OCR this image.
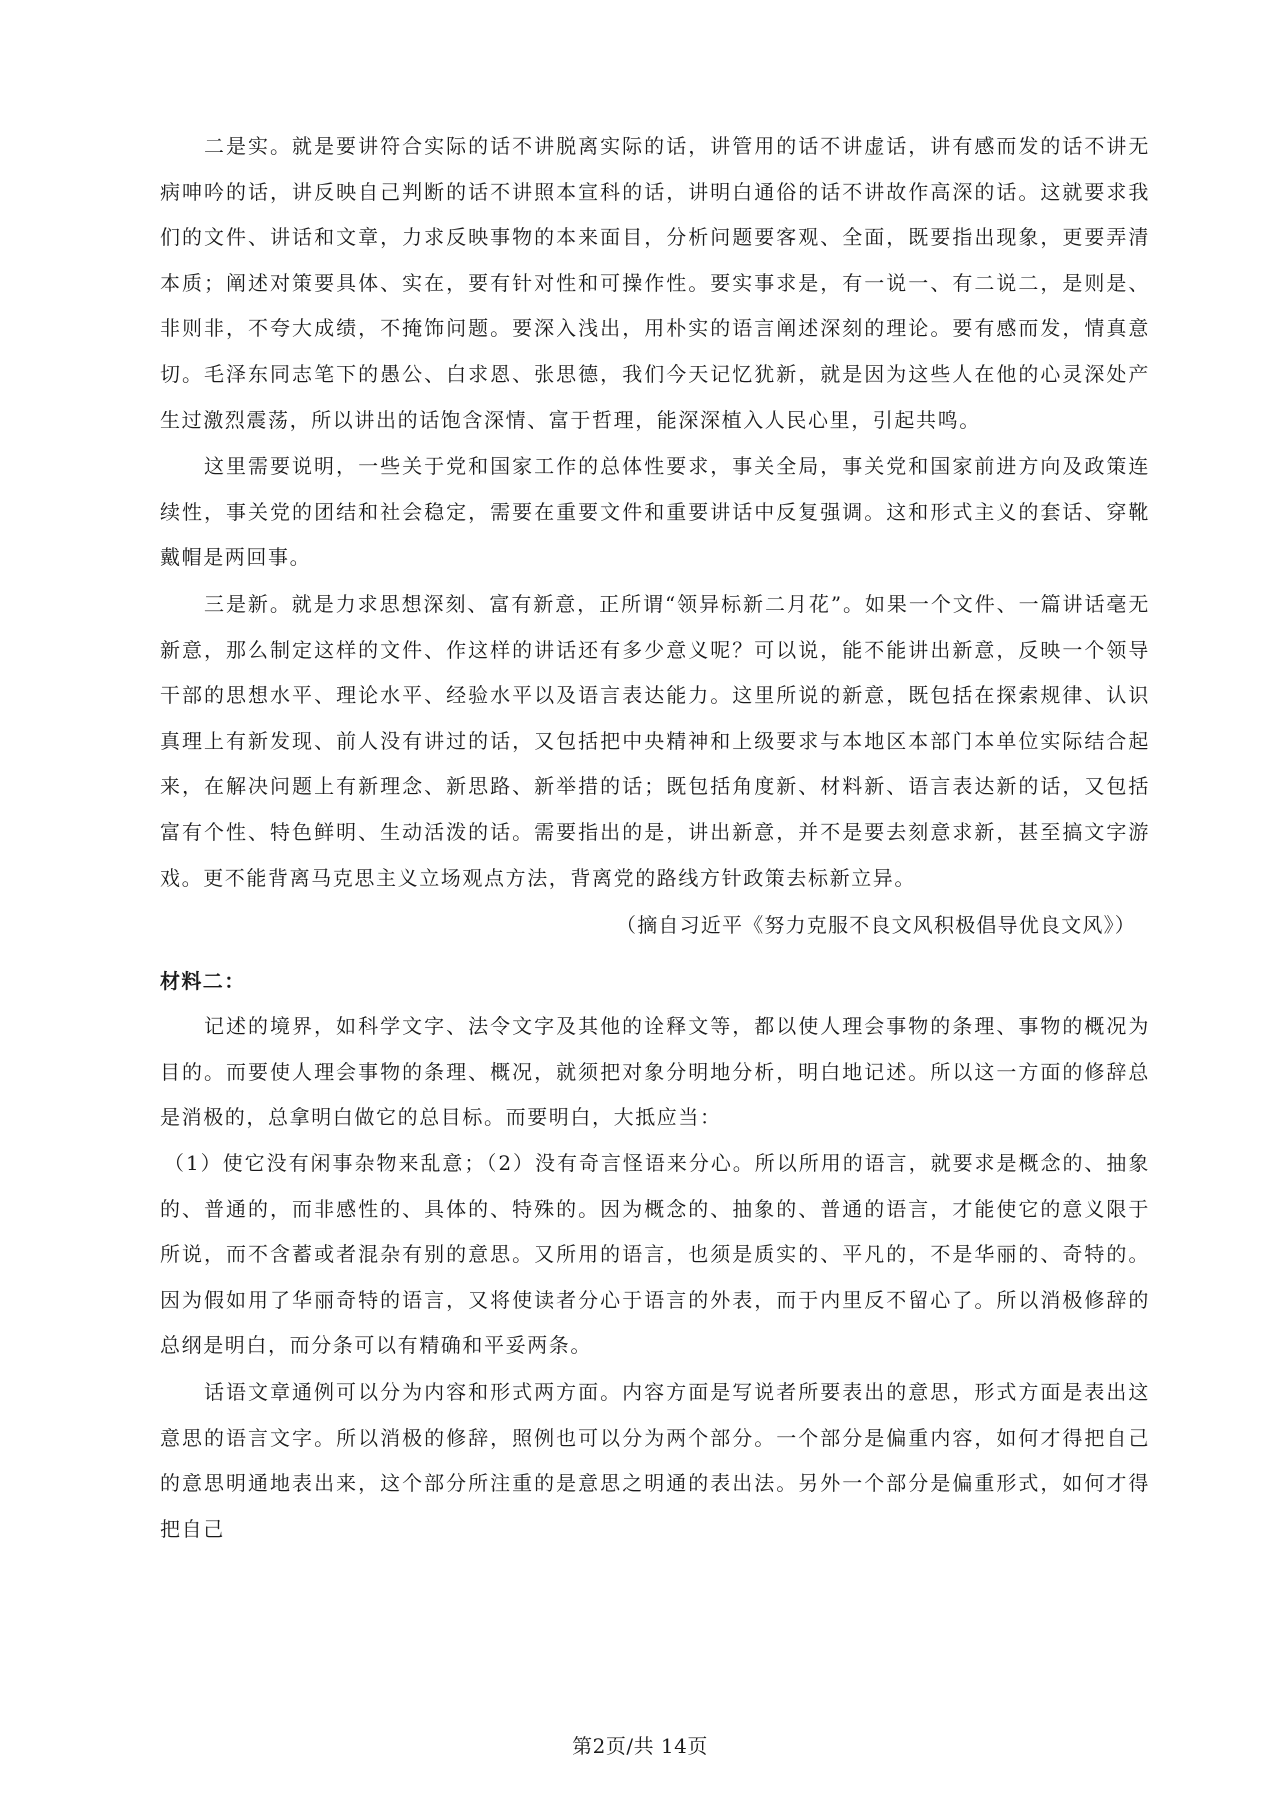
二是实。就是要讲符合实际的话不讲脱离实际的话，讲管用的话不讲虚话，讲有感而发的话不讲无病呻吟的话，讲反映自己判断的话不讲照本宣科的话，讲明白通俗的话不讲故作高深的话。这就要求我们的文件、讲话和文章，力求反映事物的本来面目，分析问题要客观、全面，既要指出现象，更要弄清本质；阐述对策要具体、实在，要有针对性和可操作性。要实事求是，有一说一、有二说二，是则是、非则非，不夸大成绩，不掩饰问题。要深入浅出，用朴实的语言阐述深刻的理论。要有感而发，情真意切。毛泽东同志笔下的愚公、白求恩、张思德，我们今天记忆犹新，就是因为这些人在他的心灵深处产生过激烈震荡，所以讲出的话饱含深情、富于哲理，能深深植入人民心里，引起共鸣。

这里需要说明，一些关于党和国家工作的总体性要求，事关全局，事关党和国家前进方向及政策连续性，事关党的团结和社会稳定，需要在重要文件和重要讲话中反复强调。这和形式主义的套话、穿靴戴帽是两回事。

三是新。就是力求思想深刻、富有新意，正所谓“领异标新二月花”。如果一个文件、一篇讲话毫无新意，那么制定这样的文件、作这样的讲话还有多少意义呢？可以说，能不能讲出新意，反映一个领导干部的思想水平、理论水平、经验水平以及语言表达能力。这里所说的新意，既包括在探索规律、认识真理上有新发现、前人没有讲过的话，又包括把中央精神和上级要求与本地区本部门本单位实际结合起来，在解决问题上有新理念、新思路、新举措的话；既包括角度新、材料新、语言表达新的话，又包括富有个性、特色鲜明、生动活泼的话。需要指出的是，讲出新意，并不是要去刻意求新，甚至搞文字游戏。更不能背离马克思主义立场观点方法，背离党的路线方针政策去标新立异。

（摘自习近平《努力克服不良文风积极倡导优良文风》）

材料二：

记述的境界，如科学文字、法令文字及其他的诠释文等，都以使人理会事物的条理、事物的概况为目的。而要使人理会事物的条理、概况，就须把对象分明地分析，明白地记述。所以这一方面的修辞总是消极的，总拿明白做它的总目标。而要明白，大抵应当：

（1）使它没有闲事杂物来乱意；（2）没有奇言怪语来分心。所以所用的语言，就要求是概念的、抽象的、普通的，而非感性的、具体的、特殊的。因为概念的、抽象的、普通的语言，才能使它的意义限于所说，而不含蓄或者混杂有别的意思。又所用的语言，也须是质实的、平凡的，不是华丽的、奇特的。因为假如用了华丽奇特的语言，又将使读者分心于语言的外表，而于内里反不留心了。所以消极修辞的总纲是明白，而分条可以有精确和平妥两条。

话语文章通例可以分为内容和形式两方面。内容方面是写说者所要表出的意思，形式方面是表出这意思的语言文字。所以消极的修辞，照例也可以分为两个部分。一个部分是偏重内容，如何才得把自己的意思明通地表出来，这个部分所注重的是意思之明通的表出法。另外一个部分是偏重形式，如何才得把自己

第2页/共 14页
